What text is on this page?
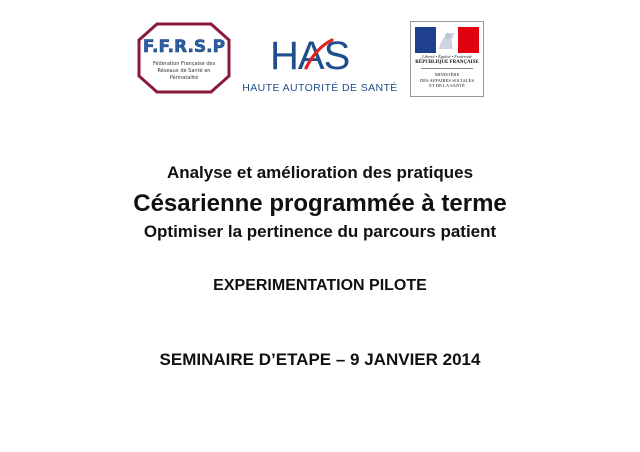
F.F.R.S.P
Fédération Française des
Réseaux de Santé en
Périnatalité HAS
HAUTE AUTORITÉ DE SANTÉ
Liberté • Égalité • Fraternité
RÉPUBLIQUE FRANÇAISE
MINISTÈRE
DES AFFAIRES SOCIALES
ET DE LA SANTÉ
Analyse et amélioration des pratiques
Césarienne programmée à terme
Optimiser la pertinence du parcours patient
EXPERIMENTATION PILOTE
SEMINAIRE D’ETAPE – 9 JANVIER 2014
